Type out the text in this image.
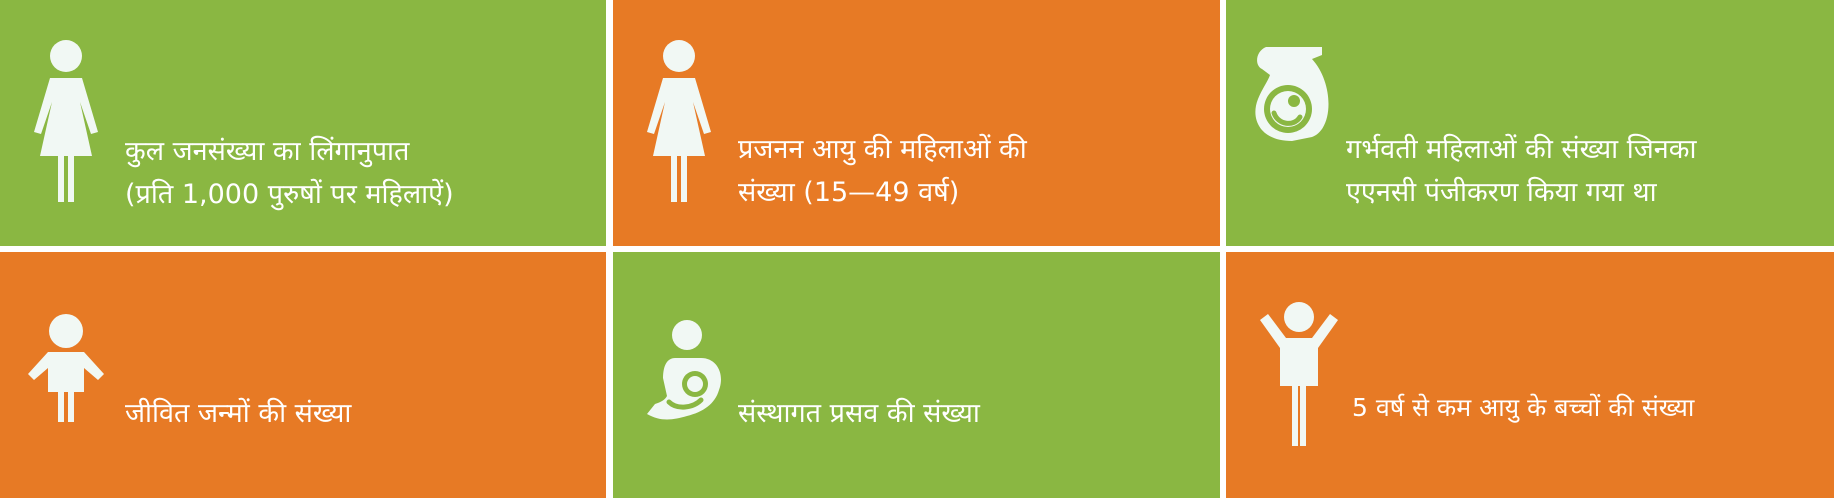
कुल जनसंख्या का लिंगानुपात
(प्रति 1,000 पुरुषों पर महिलाऐं)
प्रजनन आयु की महिलाओं की
संख्या (15—49 वर्ष)
गर्भवती महिलाओं की संख्या जिनका
एएनसी पंजीकरण किया गया था
जीवित जन्मों की संख्या	संस्थागत प्रसव की संख्या	5 वर्ष से कम आयु के बच्चों की संख्या
